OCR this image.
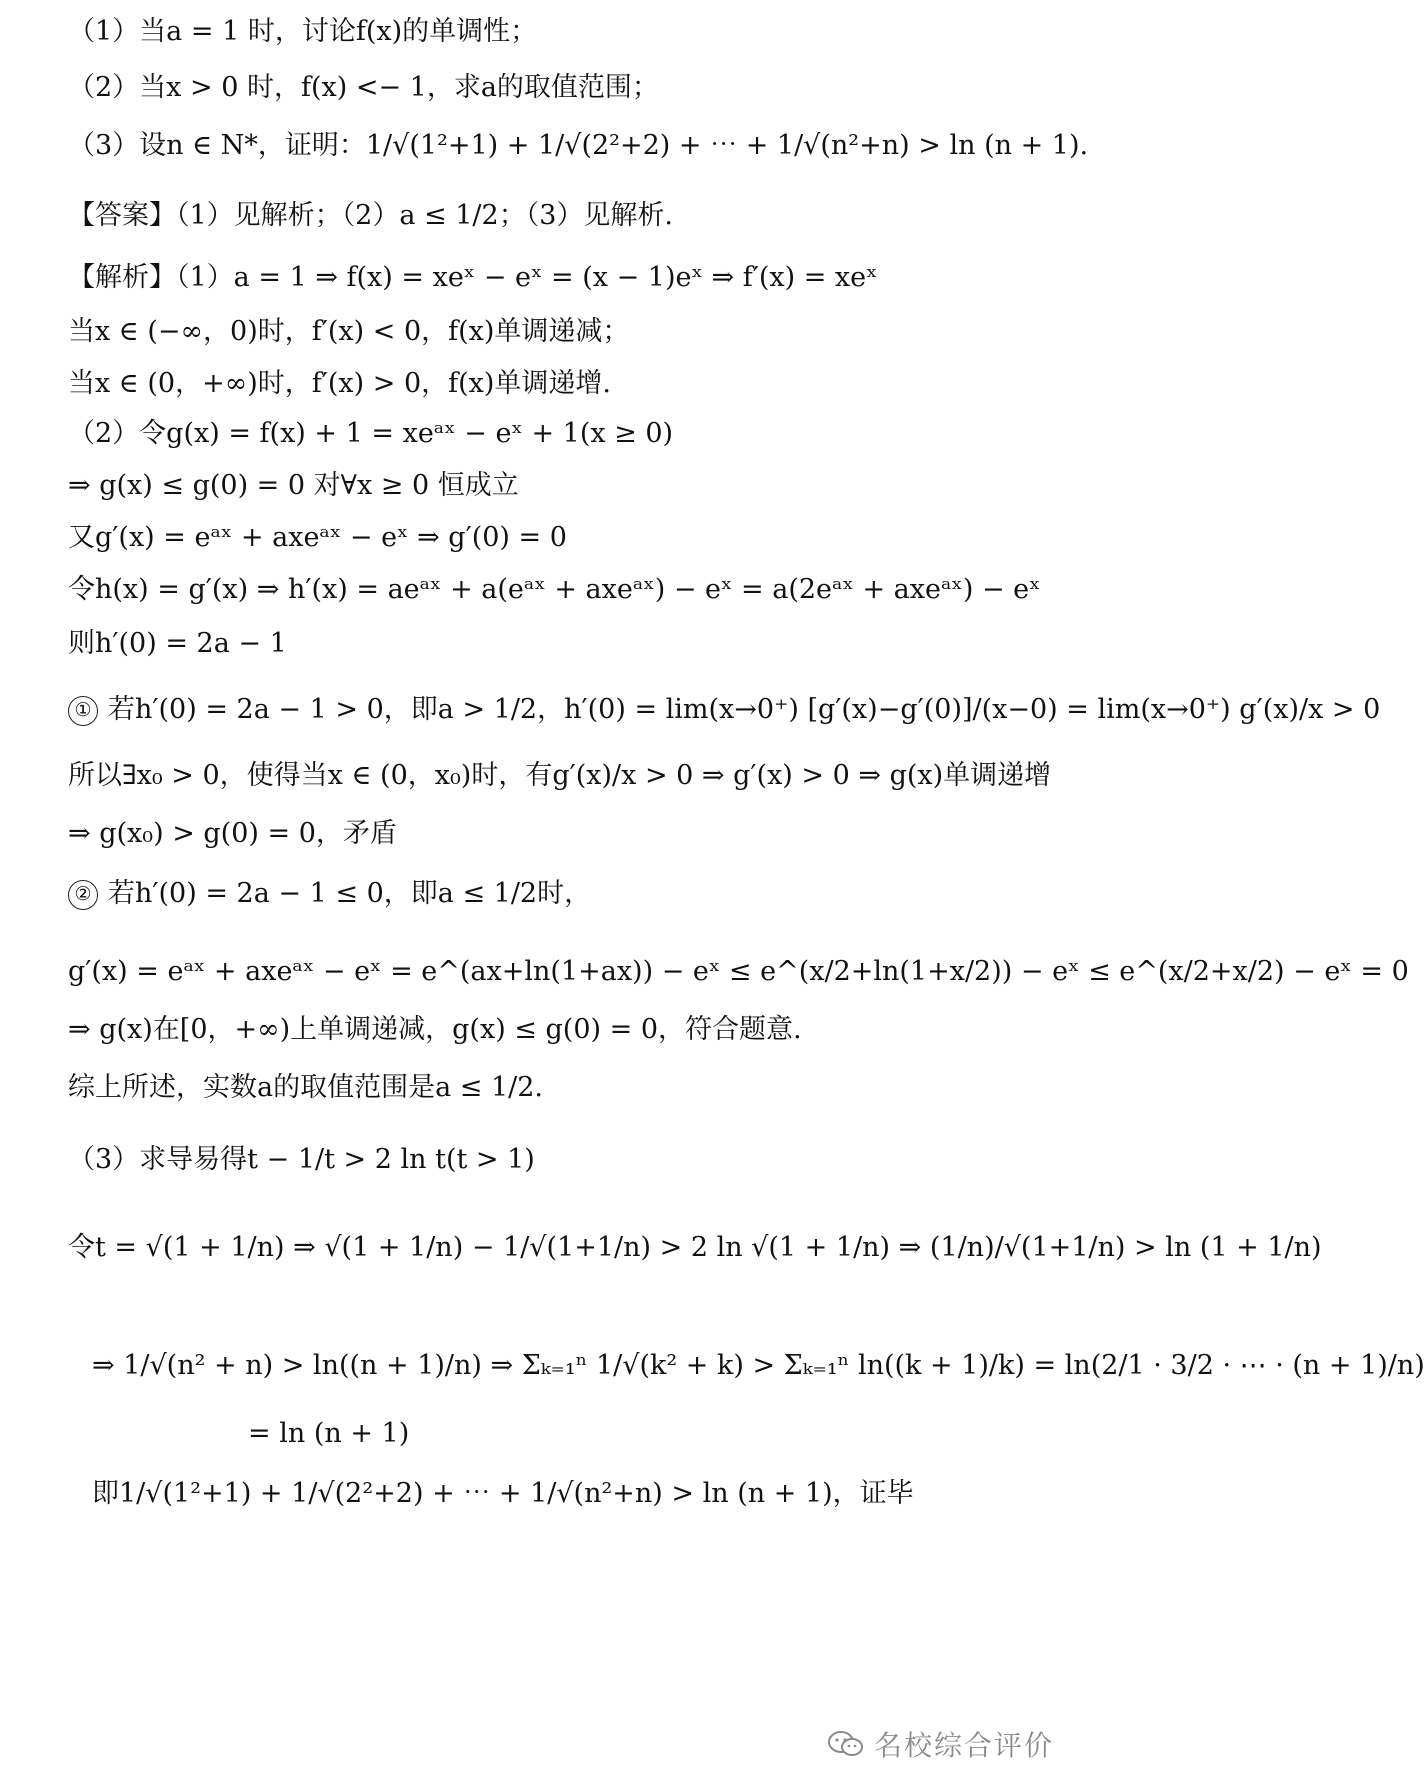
（1）当a = 1 时，讨论f(x)的单调性；
（2）当x > 0 时，f(x) <− 1，求a的取值范围；
（3）设n ∈ N*，证明：1/√(1²+1) + 1/√(2²+2) + ⋯ + 1/√(n²+n) > ln (n + 1).
【答案】（1）见解析；（2）a ≤ 1/2；（3）见解析.
【解析】（1）a = 1 ⇒ f(x) = xeˣ − eˣ = (x − 1)eˣ ⇒ f′(x) = xeˣ
当x ∈ (−∞，0)时，f′(x) < 0，f(x)单调递减；
当x ∈ (0，+∞)时，f′(x) > 0，f(x)单调递增.
（2）令g(x) = f(x) + 1 = xeᵃˣ − eˣ + 1(x ≥ 0)
⇒ g(x) ≤ g(0) = 0 对∀x ≥ 0 恒成立
又g′(x) = eᵃˣ + axeᵃˣ − eˣ ⇒ g′(0) = 0
令h(x) = g′(x) ⇒ h′(x) = aeᵃˣ + a(eᵃˣ + axeᵃˣ) − eˣ = a(2eᵃˣ + axeᵃˣ) − eˣ
则h′(0) = 2a − 1
① 若h′(0) = 2a − 1 > 0，即a > 1/2，h′(0) = lim(x→0⁺) [g′(x)−g′(0)]/(x−0) = lim(x→0⁺) g′(x)/x > 0
所以∃x₀ > 0，使得当x ∈ (0，x₀)时，有g′(x)/x > 0 ⇒ g′(x) > 0 ⇒ g(x)单调递增
⇒ g(x₀) > g(0) = 0，矛盾
② 若h′(0) = 2a − 1 ≤ 0，即a ≤ 1/2时，
g′(x) = eᵃˣ + axeᵃˣ − eˣ = e^(ax+ln(1+ax)) − eˣ ≤ e^(x/2+ln(1+x/2)) − eˣ ≤ e^(x/2+x/2) − eˣ = 0
⇒ g(x)在[0，+∞)上单调递减，g(x) ≤ g(0) = 0，符合题意.
综上所述，实数a的取值范围是a ≤ 1/2.
（3）求导易得t − 1/t > 2 ln t(t > 1)
令t = √(1 + 1/n) ⇒ √(1 + 1/n) − 1/√(1+1/n) > 2 ln √(1 + 1/n) ⇒ (1/n)/√(1+1/n) > ln (1 + 1/n)
⇒ 1/√(n² + n) > ln((n + 1)/n) ⇒ Σₖ₌₁ⁿ 1/√(k² + k) > Σₖ₌₁ⁿ ln((k + 1)/k) = ln(2/1 · 3/2 · ⋯ · (n + 1)/n)
= ln (n + 1)
即1/√(1²+1) + 1/√(2²+2) + ⋯ + 1/√(n²+n) > ln (n + 1)，证毕
名校综合评价
